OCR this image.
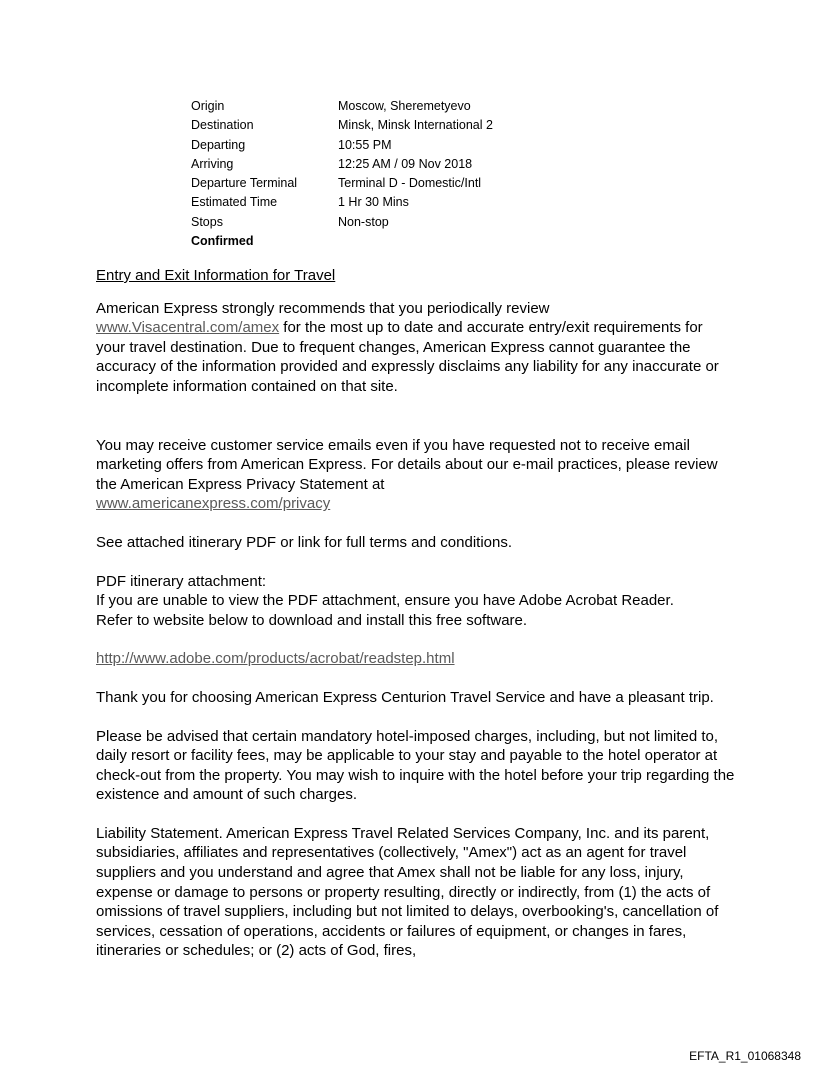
Origin	Moscow, Sheremetyevo
Destination	Minsk, Minsk International 2
Departing	10:55 PM
Arriving	12:25 AM / 09 Nov 2018
Departure Terminal	Terminal D - Domestic/Intl
Estimated Time	1 Hr 30 Mins
Stops	Non-stop
Confirmed

Entry and Exit Information for Travel

American Express strongly recommends that you periodically review
www.Visacentral.com/amex for the most up to date and accurate entry/exit requirements for your travel destination. Due to frequent changes, American Express cannot guarantee the accuracy of the information provided and expressly disclaims any liability for any inaccurate or incomplete information contained on that site.

You may receive customer service emails even if you have requested not to receive email marketing offers from American Express. For details about our e-mail practices, please review the American Express Privacy Statement at
www.americanexpress.com/privacy

See attached itinerary PDF or link for full terms and conditions.

PDF itinerary attachment:
If you are unable to view the PDF attachment, ensure you have Adobe Acrobat Reader.
Refer to website below to download and install this free software.

http://www.adobe.com/products/acrobat/readstep.html

Thank you for choosing American Express Centurion Travel Service and have a pleasant trip.

Please be advised that certain mandatory hotel-imposed charges, including, but not limited to, daily resort or facility fees, may be applicable to your stay and payable to the hotel operator at check-out from the property. You may wish to inquire with the hotel before your trip regarding the existence and amount of such charges.

Liability Statement. American Express Travel Related Services Company, Inc. and its parent, subsidiaries, affiliates and representatives (collectively, "Amex") act as an agent for travel suppliers and you understand and agree that Amex shall not be liable for any loss, injury, expense or damage to persons or property resulting, directly or indirectly, from (1) the acts of omissions of travel suppliers, including but not limited to delays, overbooking's, cancellation of services, cessation of operations, accidents or failures of equipment, or changes in fares, itineraries or schedules; or (2) acts of God, fires,

EFTA_R1_01068348
